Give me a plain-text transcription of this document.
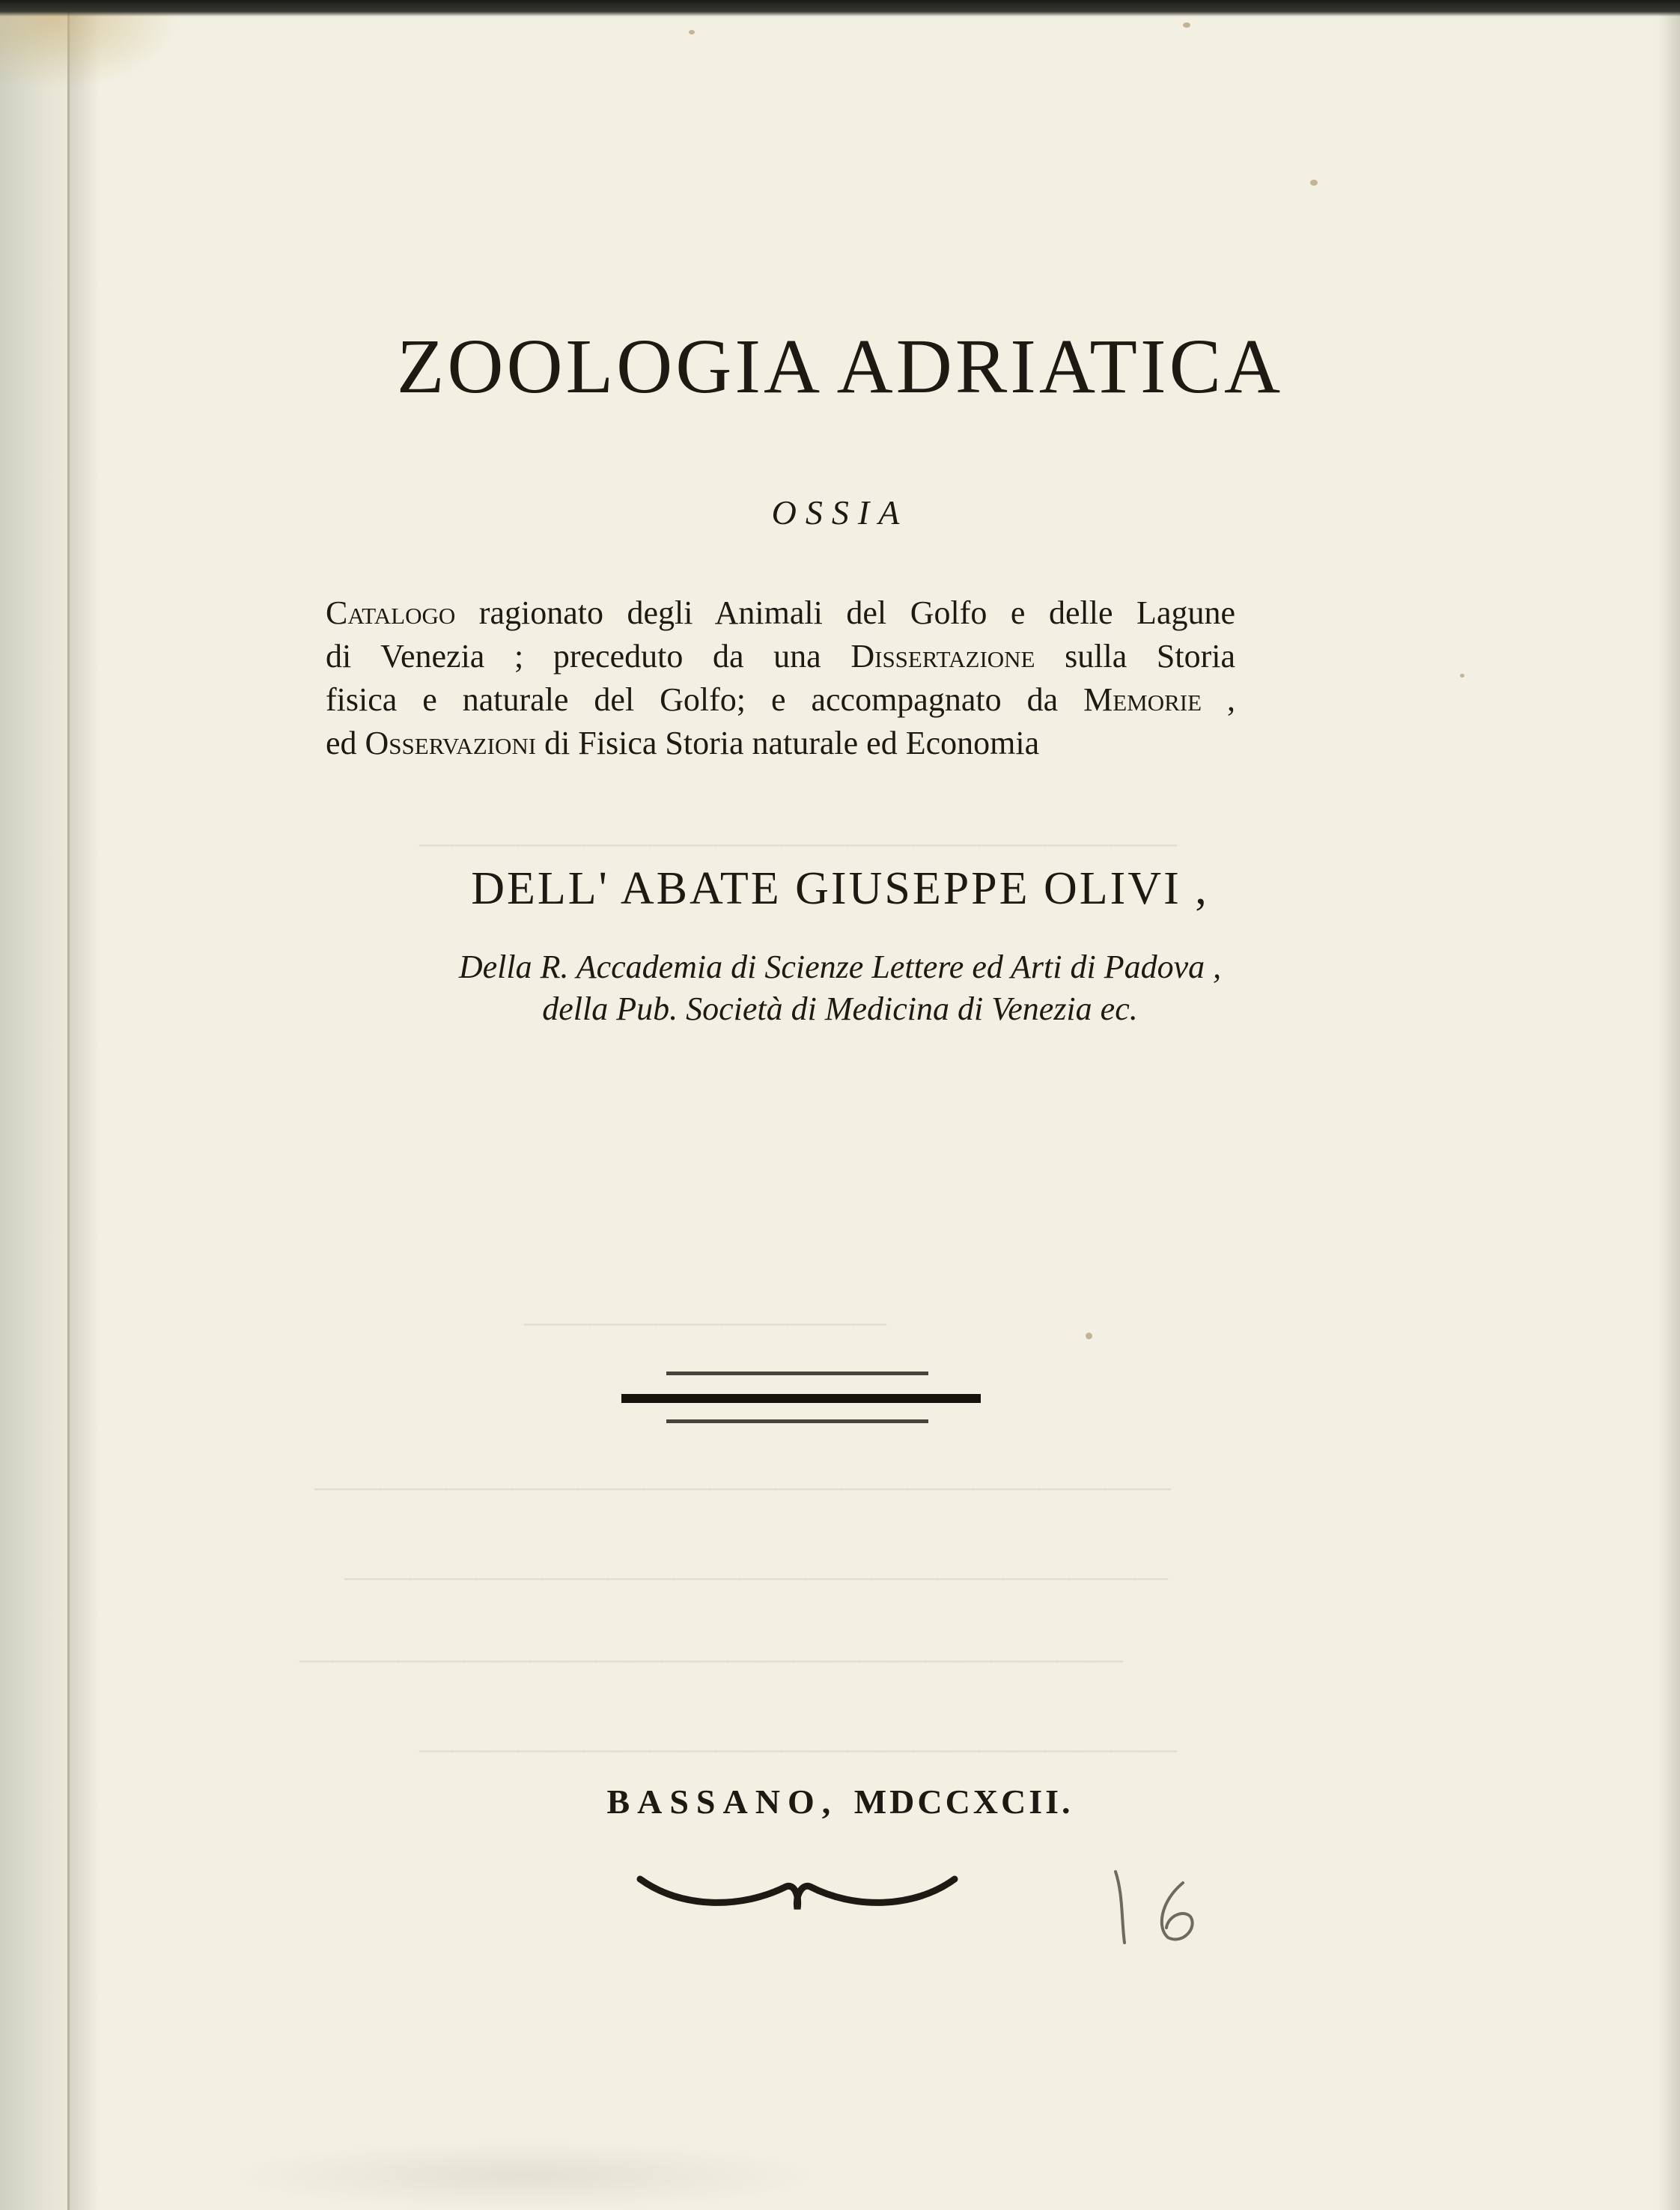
———————————————————————
———————————
——————————————————————————
—————————————————————————
—————————————————————————
———————————————————————
ZOOLOGIA ADRIATICA
OSSIA
Catalogo ragionato degli Animali del Golfo e delle Lagune
di Venezia ; preceduto da una Dissertazione sulla Storia
fisica e naturale del Golfo; e accompagnato da Memorie ,
ed Osservazioni di Fisica Storia naturale ed Economia
DELL' ABATE GIUSEPPE OLIVI ,
Della R. Accademia di Scienze Lettere ed Arti di Padova ,
della Pub. Società di Medicina di Venezia ec.
BASSANO, MDCCXCII.
16
